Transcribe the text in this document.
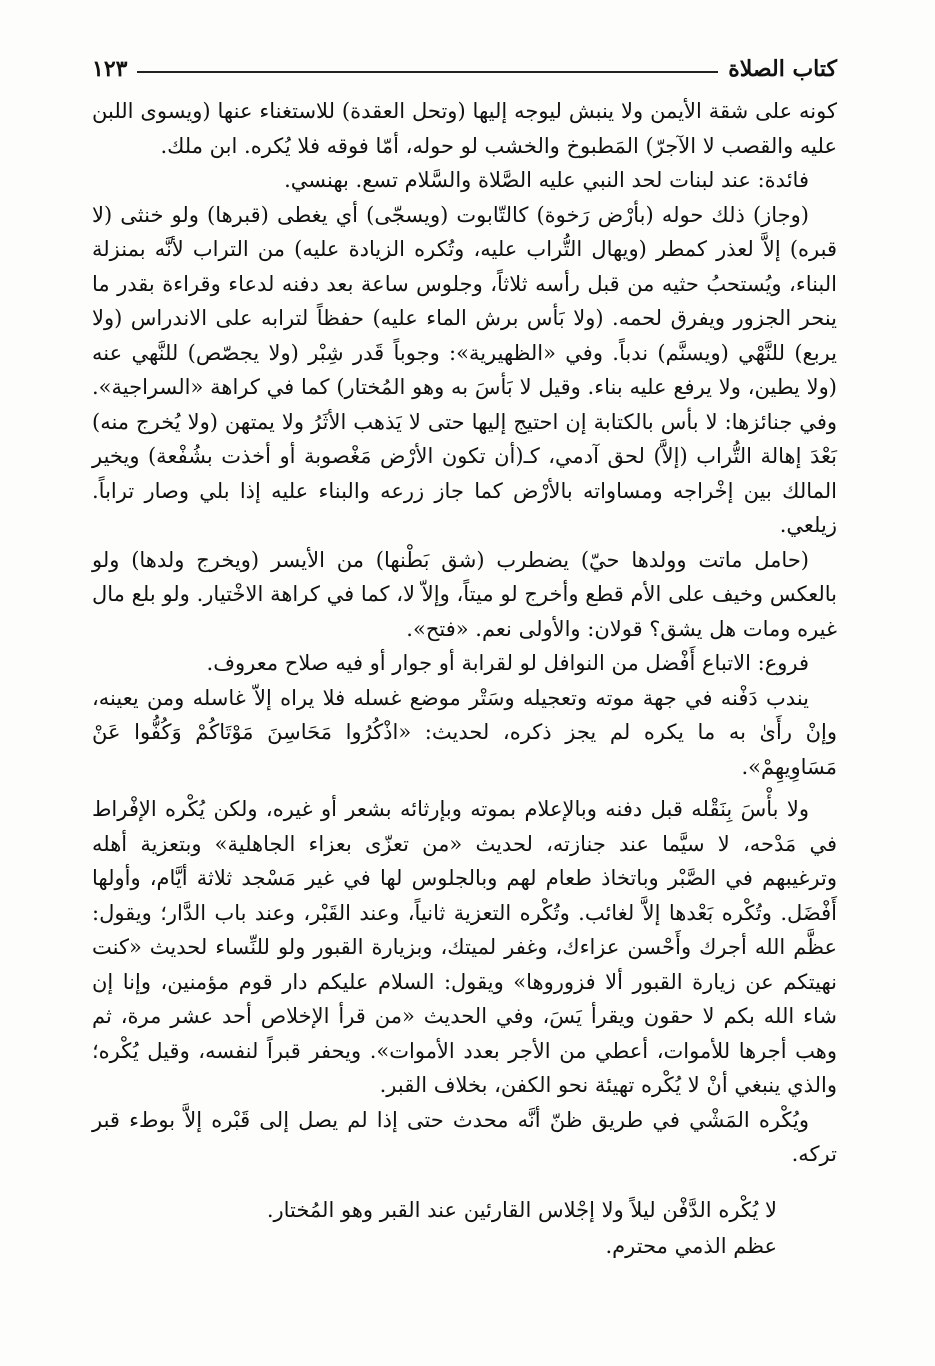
كتاب الصلاة
١٢٣

كونه على شقة الأيمن ولا ينبش ليوجه إليها (وتحل العقدة) للاستغناء عنها (ويسوى اللبن عليه والقصب لا الآجرّ) المَطبوخ والخشب لو حوله، أمّا فوقه فلا يُكره. ابن ملك.

فائدة: عند لبنات لحد النبي عليه الصَّلاة والسَّلام تسع. بهنسي.

(وجاز) ذلك حوله (بأرْض رَخوة) كالتّابوت (ويسجّى) أي يغطى (قبرها) ولو خنثى (لا قبره) إلاَّ لعذر كمطر (ويهال التُّراب عليه، وتُكره الزيادة عليه) من التراب لأنَّه بمنزلة البناء، ويُستحبُ حثيه من قبل رأسه ثلاثاً، وجلوس ساعة بعد دفنه لدعاء وقراءة بقدر ما ينحر الجزور ويفرق لحمه. (ولا بَأس برش الماء عليه) حفظاً لترابه على الاندراس (ولا يربع) للنَّهْي (ويسنَّم) ندباً. وفي «الظهيرية»: وجوباً قَدر شِبْر (ولا يجصّص) للنَّهي عنه (ولا يطين، ولا يرفع عليه بناء. وقيل لا بَأسَ به وهو المُختار) كما في كراهة «السراجية». وفي جنائزها: لا بأس بالكتابة إن احتيج إليها حتى لا يَذهب الأثَرُ ولا يمتهن (ولا يُخرج منه) بَعْدَ إهالة التُّراب (إلاَّ) لحق آدمي، كـ(أن تكون الأرْض مَغْصوبة أو أخذت بشُفْعة) ويخير المالك بين إخْراجه ومساواته بالأرْض كما جاز زرعه والبناء عليه إذا بلي وصار تراباً. زيلعي.

(حامل ماتت وولدها حيّ) يضطرب (شق بَطْنها) من الأيسر (ويخرج ولدها) ولو بالعكس وخيف على الأم قطع وأخرج لو ميتاً، وإلاّ لا، كما في كراهة الاخْتيار. ولو بلع مال غيره ومات هل يشق؟ قولان: والأولى نعم. «فتح».

فروع: الاتباع أَفْضل من النوافل لو لقرابة أو جوار أو فيه صلاح معروف.

يندب دَفْنه في جهة موته وتعجيله وسَتْر موضع غسله فلا يراه إلاّ غاسله ومن يعينه، وإنْ رأَىٰ به ما يكره لم يجز ذكره، لحديث: «اذْكُرُوا مَحَاسِنَ مَوْتَاكُمْ وَكُفُّوا عَنْ مَسَاوِيهِمْ».

ولا بأْسَ بِنَقْله قبل دفنه وبالإعلام بموته وبإرثائه بشعر أو غيره، ولكن يُكْره الإفْراط في مَدْحه، لا سيَّما عند جنازته، لحديث «من تعزّى بعزاء الجاهلية» وبتعزية أهله وترغيبهم في الصَّبْر وباتخاذ طعام لهم وبالجلوس لها في غير مَسْجد ثلاثة أيَّام، وأولها أَفْضَل. وتُكْره بَعْدها إلاَّ لغائب. وتُكْره التعزية ثانياً، وعند القَبْر، وعند باب الدَّار؛ ويقول: عظَّم الله أجرك وأَحْسن عزاءك، وغفر لميتك، وبزيارة القبور ولو للنِّساء لحديث «كنت نهيتكم عن زيارة القبور ألا فزوروها» ويقول: السلام عليكم دار قوم مؤمنين، وإنا إن شاء الله بكم لا حقون ويقرأ يَسَ، وفي الحديث «من قرأ الإخلاص أحد عشر مرة، ثم وهب أجرها للأموات، أعطي من الأجر بعدد الأموات». ويحفر قبراً لنفسه، وقيل يُكْره؛ والذي ينبغي أنْ لا يُكْره تهيئة نحو الكفن، بخلاف القبر.

ويُكْره المَشْي في طريق ظنّ أنَّه محدث حتى إذا لم يصل إلى قَبْره إلاَّ بوطء قبر تركه.

لا يُكْره الدَّفْن ليلاً ولا إجْلاس القارئين عند القبر وهو المُختار.

عظم الذمي محترم.
